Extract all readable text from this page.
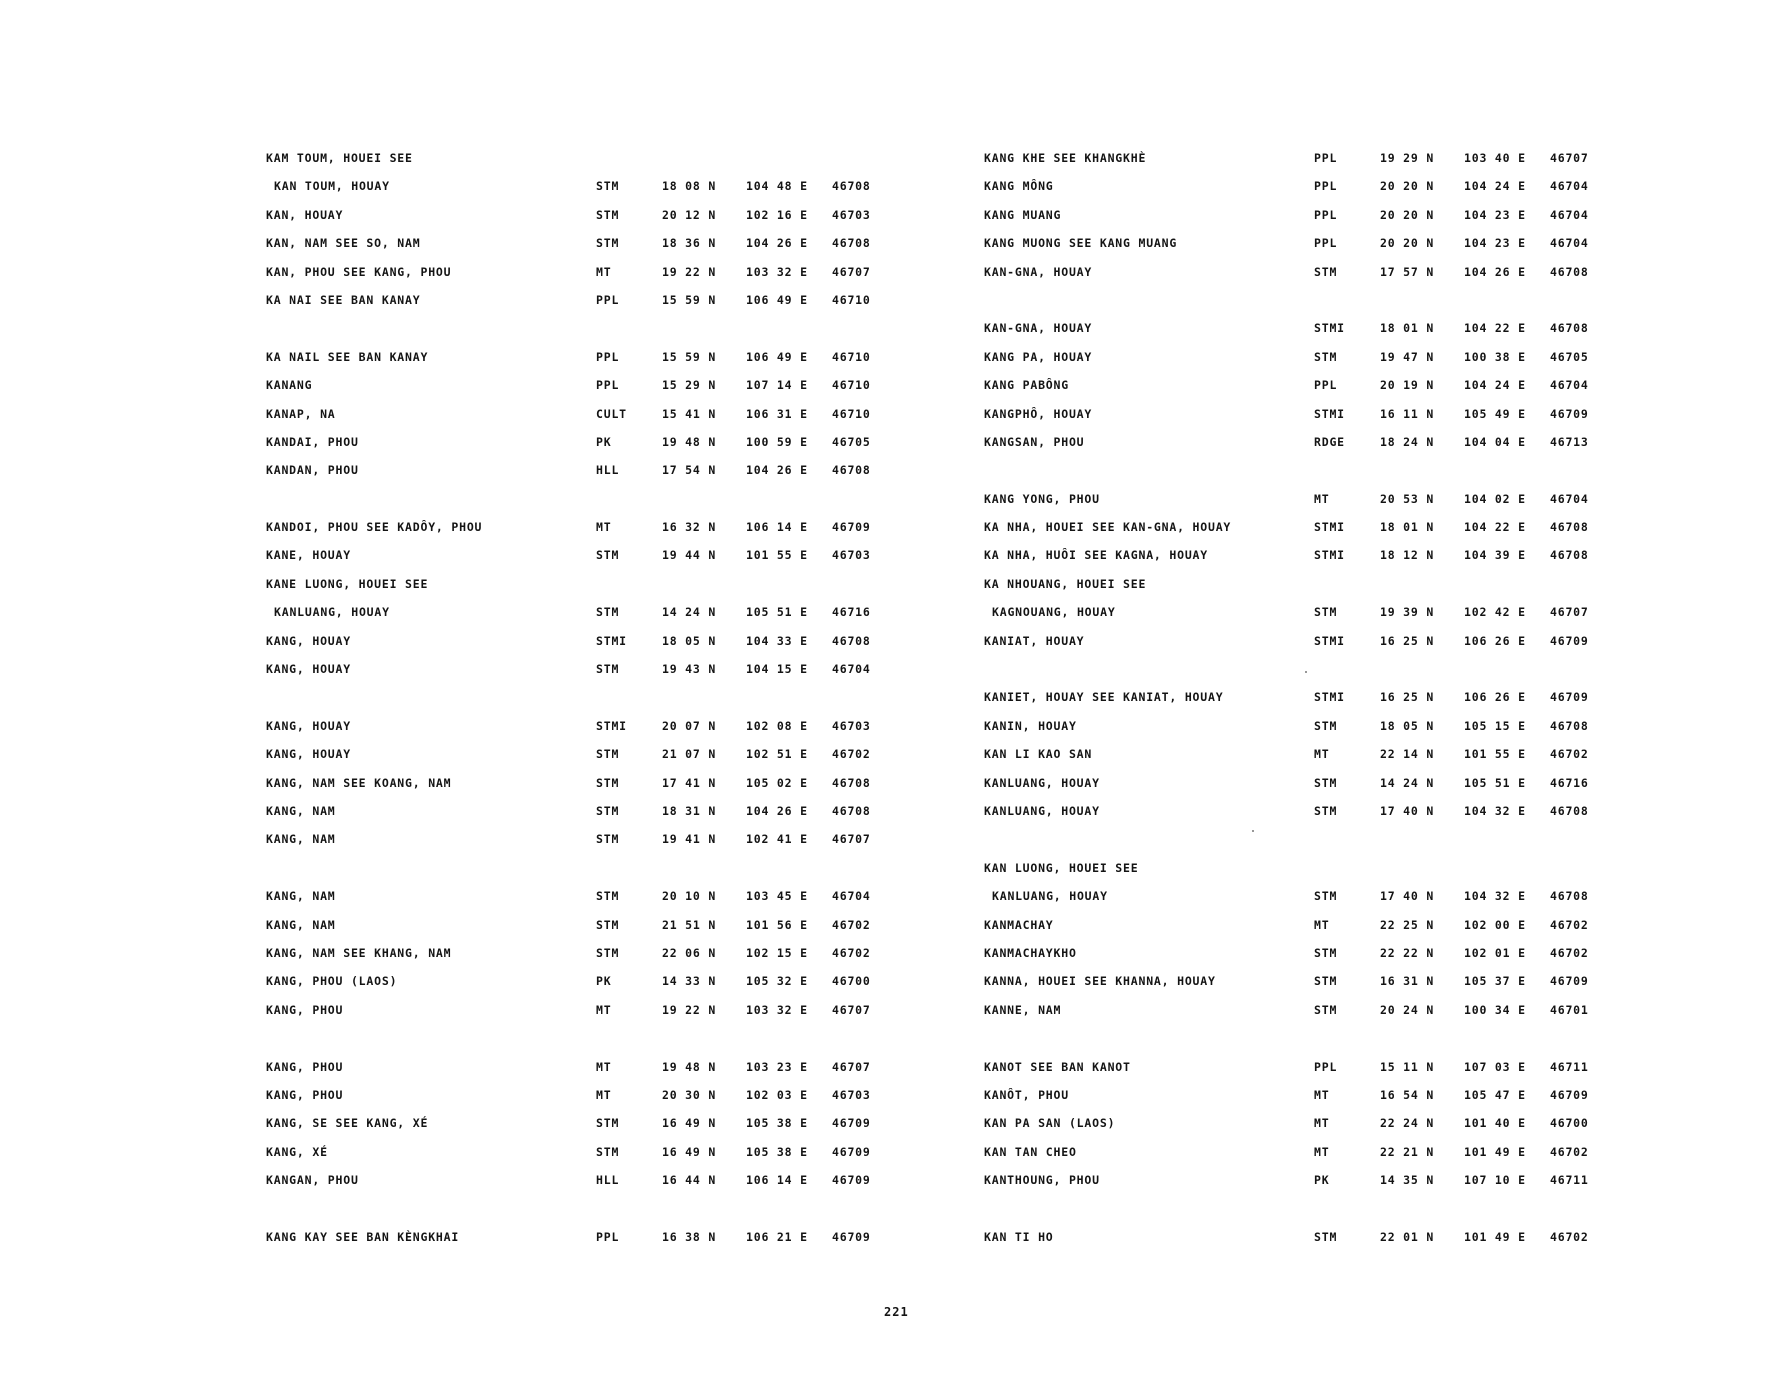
KAM TOUM, HOUEI SEE
KAN TOUM, HOUAY	STM	18 08 N	104 48 E 46708
KAN, HOUAY	STM	20 12 N	102 16 E 46703
KAN, NAM SEE SO, NAM	STM	18 36 N	104 26 E 46708
KAN, PHOU SEE KANG, PHOU	MT	19 22 N	103 32 E 46707
KA NAI SEE BAN KANAY	PPL	15 59 N	106 49 E 46710
KA NAIL SEE BAN KANAY	PPL	15 59 N	106 49 E 46710
KANANG	PPL	15 29 N	107 14 E 46710
KANAP, NA	CULT	15 41 N	106 31 E 46710
KANDAI, PHOU	PK	19 48 N	100 59 E 46705
KANDAN, PHOU	HLL	17 54 N	104 26 E 46708
KANDOI, PHOU SEE KADÔY, PHOU	MT	16 32 N	106 14 E 46709
KANE, HOUAY	STM	19 44 N	101 55 E 46703
KANE LUONG, HOUEI SEE
KANLUANG, HOUAY	STM	14 24 N	105 51 E 46716
KANG, HOUAY	STMI	18 05 N	104 33 E 46708
KANG, HOUAY	STM	19 43 N	104 15 E 46704
KANG, HOUAY	STMI	20 07 N	102 08 E 46703
KANG, HOUAY	STM	21 07 N	102 51 E 46702
KANG, NAM SEE KOANG, NAM	STM	17 41 N	105 02 E 46708
KANG, NAM	STM	18 31 N	104 26 E 46708
KANG, NAM	STM	19 41 N	102 41 E 46707
KANG, NAM	STM	20 10 N	103 45 E 46704
KANG, NAM	STM	21 51 N	101 56 E 46702
KANG, NAM SEE KHANG, NAM	STM	22 06 N	102 15 E 46702
KANG, PHOU (LAOS)	PK	14 33 N	105 32 E 46700
KANG, PHOU	MT	19 22 N	103 32 E 46707
KANG, PHOU	MT	19 48 N	103 23 E 46707
KANG, PHOU	MT	20 30 N	102 03 E 46703
KANG, SE SEE KANG, XÉ	STM	16 49 N	105 38 E 46709
KANG, XÉ	STM	16 49 N	105 38 E 46709
KANGAN, PHOU	HLL	16 44 N	106 14 E 46709
KANG KAY SEE BAN KÈNGKHAI	PPL	16 38 N	106 21 E 46709
KANG KHE SEE KHANGKHÈ	PPL	19 29 N	103 40 E 46707
KANG MÔNG	PPL	20 20 N	104 24 E 46704
KANG MUANG	PPL	20 20 N	104 23 E 46704
KANG MUONG SEE KANG MUANG	PPL	20 20 N	104 23 E 46704
KAN-GNA, HOUAY	STM	17 57 N	104 26 E 46708
KAN-GNA, HOUAY	STMI	18 01 N	104 22 E 46708
KANG PA, HOUAY	STM	19 47 N	100 38 E 46705
KANG PABÔNG	PPL	20 19 N	104 24 E 46704
KANGPHÔ, HOUAY	STMI	16 11 N	105 49 E 46709
KANGSAN, PHOU	RDGE	18 24 N	104 04 E 46713
KANG YONG, PHOU	MT	20 53 N	104 02 E 46704
KA NHA, HOUEI SEE KAN-GNA, HOUAY	STMI	18 01 N	104 22 E 46708
KA NHA, HUÔI SEE KAGNA, HOUAY	STMI	18 12 N	104 39 E 46708
KA NHOUANG, HOUEI SEE
KAGNOUANG, HOUAY	STM	19 39 N	102 42 E 46707
KANIAT, HOUAY	STMI	16 25 N	106 26 E 46709
KANIET, HOUAY SEE KANIAT, HOUAY	STMI	16 25 N	106 26 E 46709
KANIN, HOUAY	STM	18 05 N	105 15 E 46708
KAN LI KAO SAN	MT	22 14 N	101 55 E 46702
KANLUANG, HOUAY	STM	14 24 N	105 51 E 46716
KANLUANG, HOUAY	STM	17 40 N	104 32 E 46708
KAN LUONG, HOUEI SEE
KANLUANG, HOUAY	STM	17 40 N	104 32 E 46708
KANMACHAY	MT	22 25 N	102 00 E 46702
KANMACHAYKHO	STM	22 22 N	102 01 E 46702
KANNA, HOUEI SEE KHANNA, HOUAY	STM	16 31 N	105 37 E 46709
KANNE, NAM	STM	20 24 N	100 34 E 46701
KANOT SEE BAN KANOT	PPL	15 11 N	107 03 E 46711
KANÔT, PHOU	MT	16 54 N	105 47 E 46709
KAN PA SAN (LAOS)	MT	22 24 N	101 40 E 46700
KAN TAN CHEO	MT	22 21 N	101 49 E 46702
KANTHOUNG, PHOU	PK	14 35 N	107 10 E 46711
KAN TI HO	STM	22 01 N	101 49 E 46702
221
